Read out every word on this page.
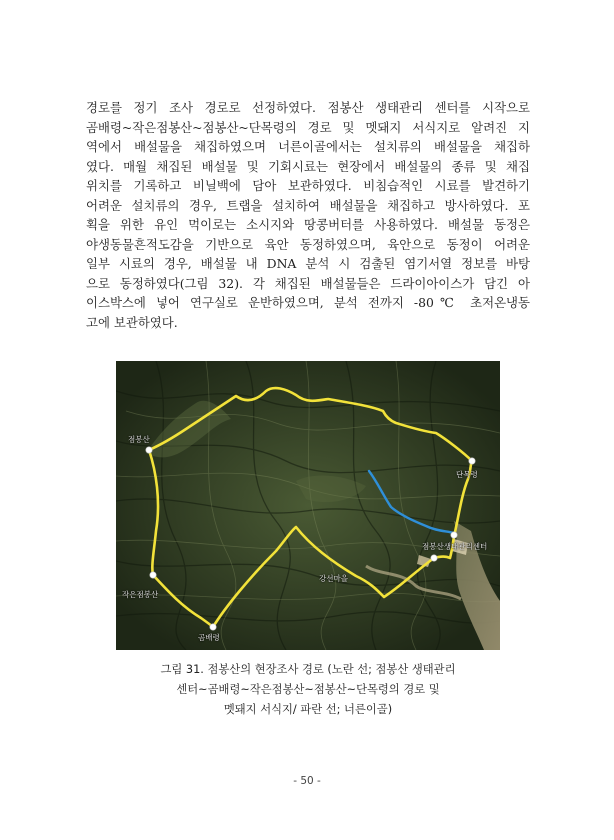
경로를 정기 조사 경로로 선정하였다. 점봉산 생태관리 센터를 시작으로
곰배령~작은점봉산~점봉산~단목령의 경로 및 멧돼지 서식지로 알려진 지
역에서 배설물을 채집하였으며 너른이골에서는 설치류의 배설물을 채집하
였다. 매월 채집된 배설물 및 기회시료는 현장에서 배설물의 종류 및 채집
위치를 기록하고 비닐백에 담아 보관하였다. 비침습적인 시료를 발견하기
어려운 설치류의 경우, 트랩을 설치하여 배설물을 채집하고 방사하였다. 포
획을 위한 유인 먹이로는 소시지와 땅콩버터를 사용하였다. 배설물 동정은
야생동물흔적도감을 기반으로 육안 동정하였으며, 육안으로 동정이 어려운
일부 시료의 경우, 배설물 내 DNA 분석 시 검출된 염기서열 정보를 바탕
으로 동정하였다(그림 32). 각 채집된 배설물들은 드라이아이스가 담긴 아
이스박스에 넣어 연구실로 운반하였으며, 분석 전까지 -80℃ 초저온냉동
고에 보관하였다.
점봉산
작은점봉산
곰배령
단목령
점봉산생태관리센터
강선마을
그림 31. 점봉산의 현장조사 경로 (노란 선; 점봉산 생태관리
센터~곰배령~작은점봉산~점봉산~단목령의 경로 및
멧돼지 서식지/ 파란 선; 너른이골)
- 50 -
